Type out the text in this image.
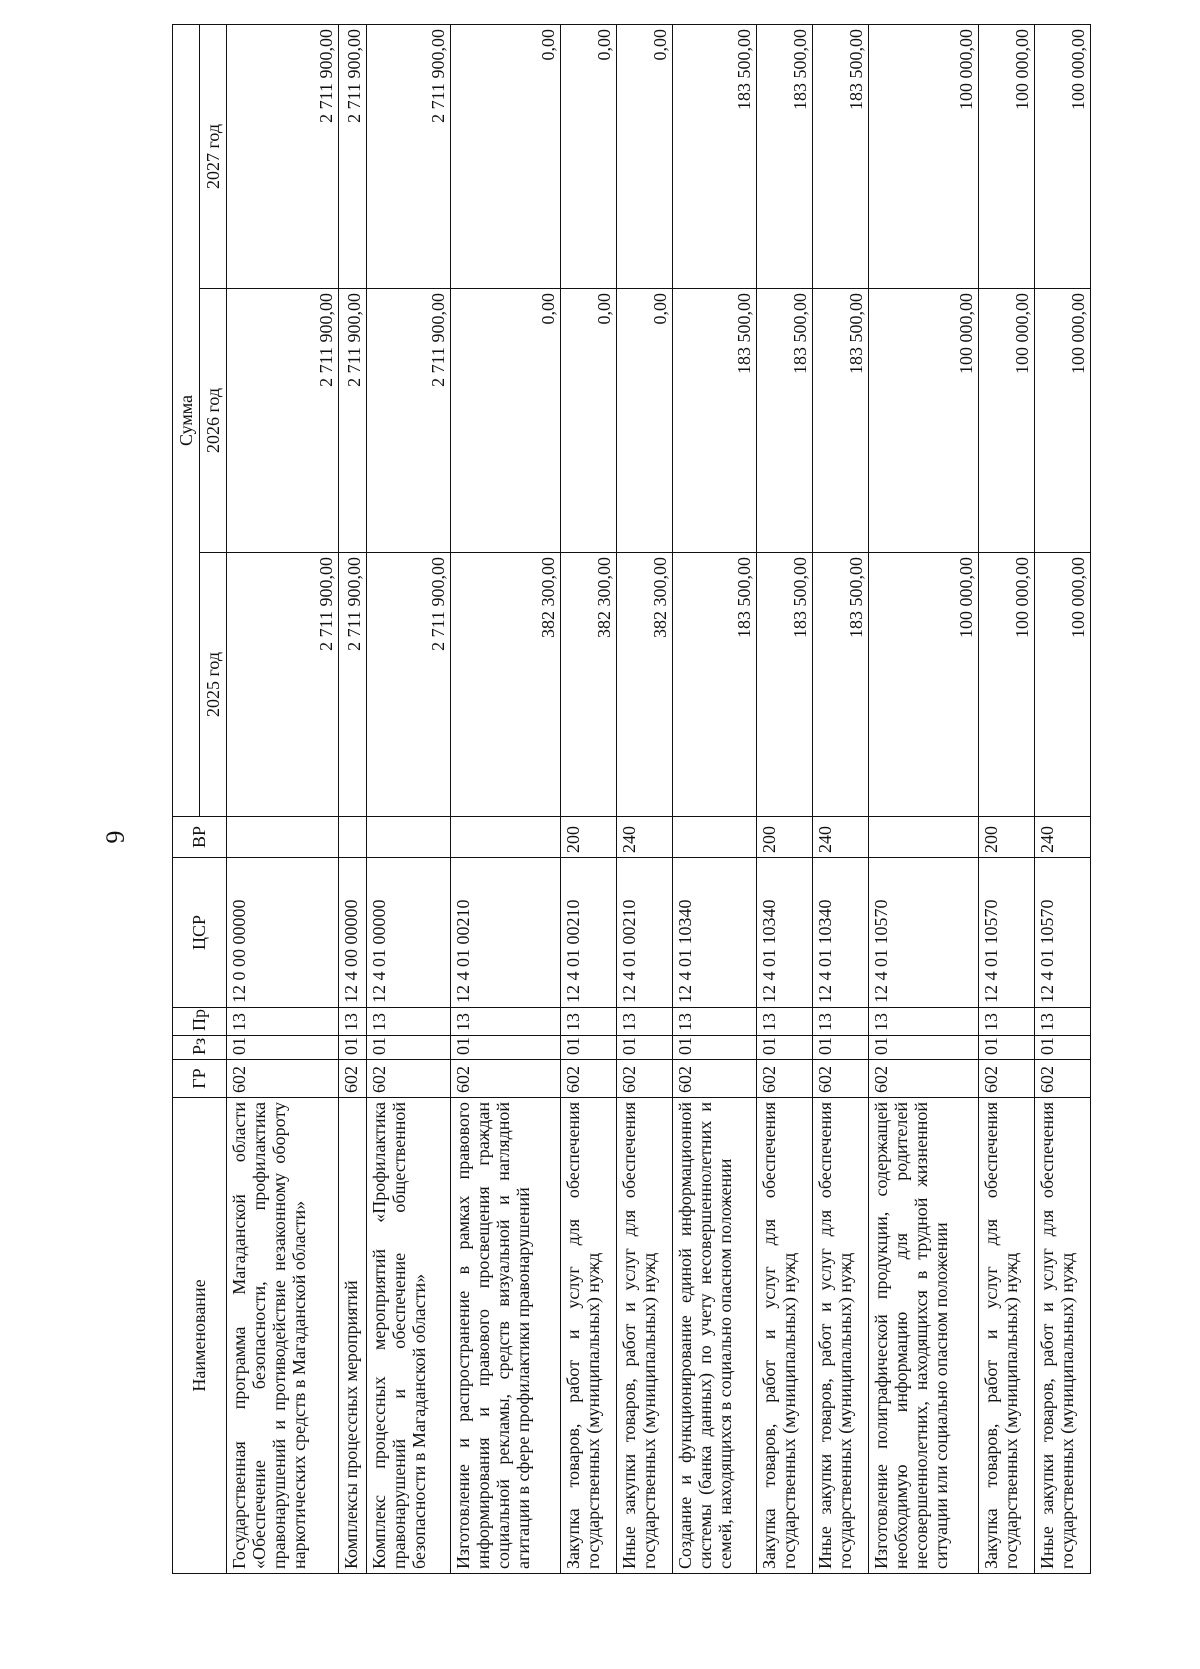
6
Наименование	ГР	Рз	Пр	ЦСР	ВР	Сумма		
						2025 год	2026 год	2027 год
Государственная программа Магаданской области «Обеспечение безопасности, профилактика правонарушений и противодействие незаконному обороту наркотических средств в Магаданской области»	602	01	13	12 0 00 00000		2 711 900,00	2 711 900,00	2 711 900,00
Комплексы процессных мероприятий	602	01	13	12 4 00 00000		2 711 900,00	2 711 900,00	2 711 900,00
Комплекс процессных мероприятий «Профилактика правонарушений и обеспечение общественной безопасности в Магаданской области»	602	01	13	12 4 01 00000		2 711 900,00	2 711 900,00	2 711 900,00
Изготовление и распространение в рамках правового информирования и правового просвещения граждан социальной рекламы, средств визуальной и наглядной агитации в сфере профилактики правонарушений	602	01	13	12 4 01 00210		382 300,00	0,00	0,00
Закупка товаров, работ и услуг для обеспечения государственных (муниципальных) нужд	602	01	13	12 4 01 00210	200	382 300,00	0,00	0,00
Иные закупки товаров, работ и услуг для обеспечения государственных (муниципальных) нужд	602	01	13	12 4 01 00210	240	382 300,00	0,00	0,00
Создание и функционирование единой информационной системы (банка данных) по учету несовершеннолетних и семей, находящихся в социально опасном положении	602	01	13	12 4 01 10340		183 500,00	183 500,00	183 500,00
Закупка товаров, работ и услуг для обеспечения государственных (муниципальных) нужд	602	01	13	12 4 01 10340	200	183 500,00	183 500,00	183 500,00
Иные закупки товаров, работ и услуг для обеспечения государственных (муниципальных) нужд	602	01	13	12 4 01 10340	240	183 500,00	183 500,00	183 500,00
Изготовление полиграфической продукции, содержащей необходимую информацию для родителей несовершеннолетних, находящихся в трудной жизненной ситуации или социально опасном положении	602	01	13	12 4 01 10570		100 000,00	100 000,00	100 000,00
Закупка товаров, работ и услуг для обеспечения государственных (муниципальных) нужд	602	01	13	12 4 01 10570	200	100 000,00	100 000,00	100 000,00
Иные закупки товаров, работ и услуг для обеспечения государственных (муниципальных) нужд	602	01	13	12 4 01 10570	240	100 000,00	100 000,00	100 000,00
